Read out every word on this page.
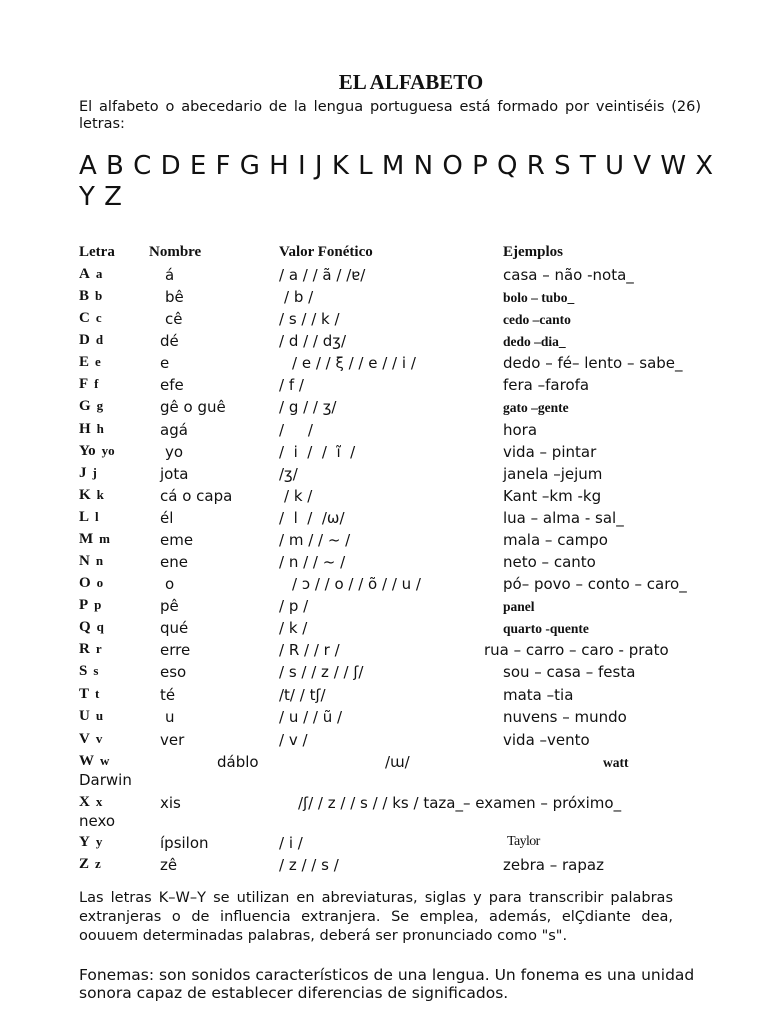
EL ALFABETO
El alfabeto o abecedario de la lengua portuguesa está formado por veintiséis (26) letras:
A B C D E F G H I J K L M N O P Q R S T U V W X Y Z
Letra Nombre	Valor Fonético	Ejemplos
A a	á	/ a / / ã / /ɐ/	casa – não -nota_
B b	bê	/ b /	bolo – tubo_
C c	cê	/ s / / k /	cedo –canto
D d	dé	/ d / / dʒ/	dedo –dia_
E e	e	/ e / / ξ / / e / / i /	dedo – fé– lento – sabe_
F f	efe	/ f /	fera –farofa
G g	gê o guê	/ g / / ʒ/	gato –gente
H h	agá	/     /	hora
Yo yo	yo	/  i  /  /  ĩ  /	vida – pintar
J j	jota	/ʒ/	janela –jejum
K k	cá o capa	/ k /	Kant –km -kg
L l	él	/  l  /  /ω/	lua – alma - sal_
M m	eme	/ m / / ~ /	mala – campo
N n	ene	/ n / / ~ /	neto – canto
O o	o	/ ɔ / / o / / õ / / u /	pó– povo – conto – caro_
P p	pê	/ p /	panel
Q q	qué	/ k /	quarto -quente
R r	erre	/ R / / r /	rua – carro – caro - prato
S s	eso	/ s / / z / / ʃ/	sou – casa – festa
T t	té	/t/ / tʃ/	mata –tia
U u	u	/ u / / ũ /	nuvens – mundo
V v	ver	/ v /	vida –vento
W w	dáblo	/ɯ/	watt
Darwin
X x	xis	/ʃ/ / z / / s / / ks / taza_– examen – próximo_
nexo
Y y	ípsilon	/ i /	Taylor
Z z	zê	/ z / / s /	zebra – rapaz
Las letras K–W–Y se utilizan en abreviaturas, siglas y para transcribir palabras extranjeras o de influencia extranjera. Se emplea, además, elÇdiante dea, oouuem determinadas palabras, deberá ser pronunciado como "s".
Fonemas: son sonidos característicos de una lengua. Un fonema es una unidad sonora capaz de establecer diferencias de significados.
